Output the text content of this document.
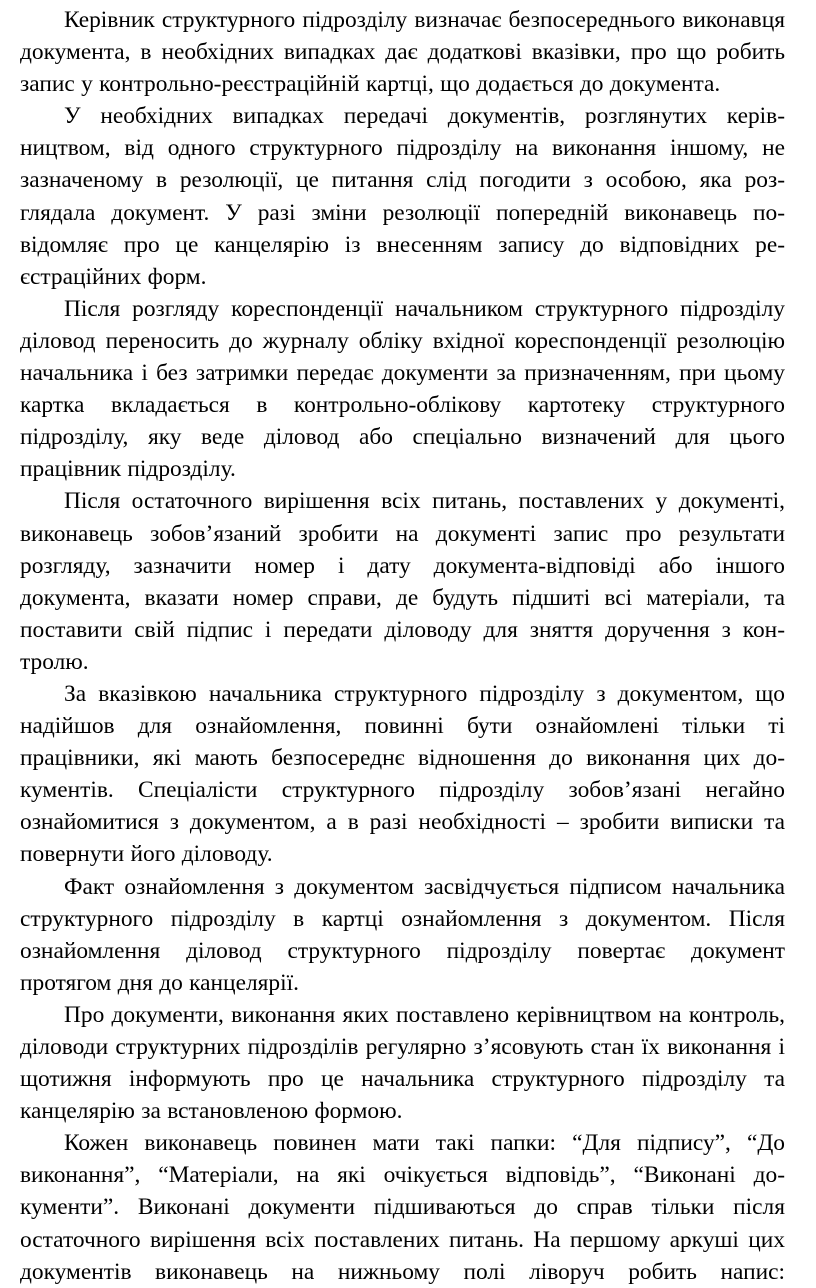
Керівник структурного підрозділу визначає безпосереднього виконавця документа, в необхідних випадках дає додаткові вказівки, про що робить запис у контрольно-реєстраційній картці, що додається до документа.

У необхідних випадках передачі документів, розглянутих керівництвом, від одного структурного підрозділу на виконання іншому, не зазначеному в резолюції, це питання слід погодити з особою, яка розглядала документ. У разі зміни резолюції попередній виконавець повідомляє про це канцелярію із внесенням запису до відповідних реєстраційних форм.

Після розгляду кореспонденції начальником структурного підрозділу діловод переносить до журналу обліку вхідної кореспонденції резолюцію начальника і без затримки передає документи за призначенням, при цьому картка вкладається в контрольно-облікову картотеку структурного підрозділу, яку веде діловод або спеціально визначений для цього працівник підрозділу.

Після остаточного вирішення всіх питань, поставлених у документі, виконавець зобов’язаний зробити на документі запис про результати розгляду, зазначити номер і дату документа-відповіді або іншого документа, вказати номер справи, де будуть підшиті всі матеріали, та поставити свій підпис і передати діловоду для зняття доручення з контролю.

За вказівкою начальника структурного підрозділу з документом, що надійшов для ознайомлення, повинні бути ознайомлені тільки ті працівники, які мають безпосереднє відношення до виконання цих документів. Спеціалісти структурного підрозділу зобов’язані негайно ознайомитися з документом, а в разі необхідності – зробити виписки та повернути його діловоду.

Факт ознайомлення з документом засвідчується підписом начальника структурного підрозділу в картці ознайомлення з документом. Після ознайомлення діловод структурного підрозділу повертає документ протягом дня до канцелярії.

Про документи, виконання яких поставлено керівництвом на контроль, діловоди структурних підрозділів регулярно з’ясовують стан їх виконання і щотижня інформують про це начальника структурного підрозділу та канцелярію за встановленою формою.

Кожен виконавець повинен мати такі папки: “Для підпису”, “До виконання”, “Матеріали, на які очікується відповідь”, “Виконані документи”. Виконані документи підшиваються до справ тільки після остаточного вирішення всіх поставлених питань. На першому аркуші цих документів виконавець на нижньому полі ліворуч робить напис:
